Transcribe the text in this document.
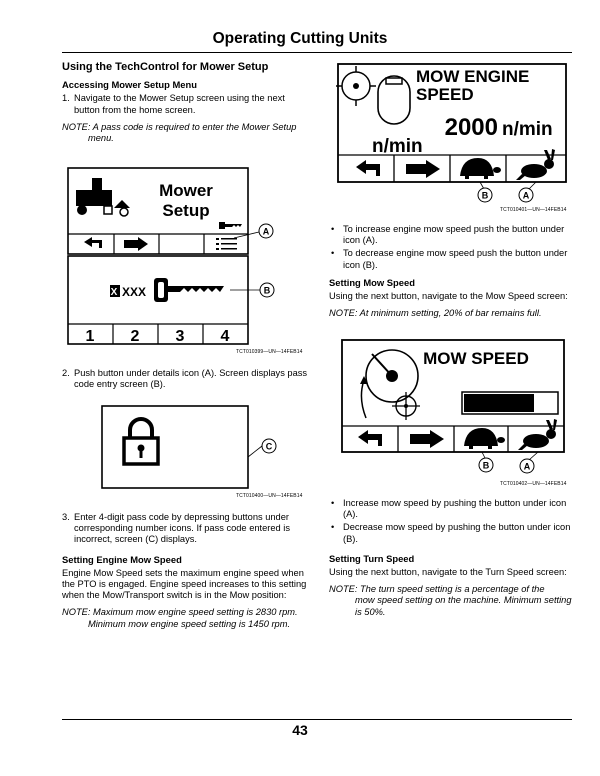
Operating Cutting Units
Using the TechControl for Mower Setup
Accessing Mower Setup Menu
1. Navigate to the Mower Setup screen using the next button from the home screen.
NOTE: A pass code is required to enter the Mower Setup
menu.
Mower
Setup
A
X XXX	B
1 2 3 4
TCT010399—UN—14FEB14
2. Push button under details icon (A). Screen displays pass code entry screen (B).
C
TCT010400—UN—14FEB14
3. Enter 4-digit pass code by depressing buttons under corresponding number icons. If pass code entered is incorrect, screen (C) displays.
Setting Engine Mow Speed

Engine Mow Speed sets the maximum engine speed when the PTO is engaged. Engine speed increases to this setting when the Mow/Transport switch is in the Mow position:

NOTE: Maximum mow engine speed setting is 2830 rpm.
Minimum mow engine speed setting is 1450 rpm.
MOW ENGINE
SPEED
2000 n/min
n/min
B	A
TCT010401—UN—14FEB14
• To increase engine mow speed push the button under icon (A).
• To decrease engine mow speed push the button under icon (B).
Setting Mow Speed

Using the next button, navigate to the Mow Speed screen:

NOTE: At minimum setting, 20% of bar remains full.
MOW SPEED
B	A
TCT010402—UN—14FEB14
• Increase mow speed by pushing the button under icon (A).
• Decrease mow speed by pushing the button under icon (B).
Setting Turn Speed

Using the next button, navigate to the Turn Speed screen:

NOTE: The turn speed setting is a percentage of the
mow speed setting on the machine. Minimum setting is 50%.
43
